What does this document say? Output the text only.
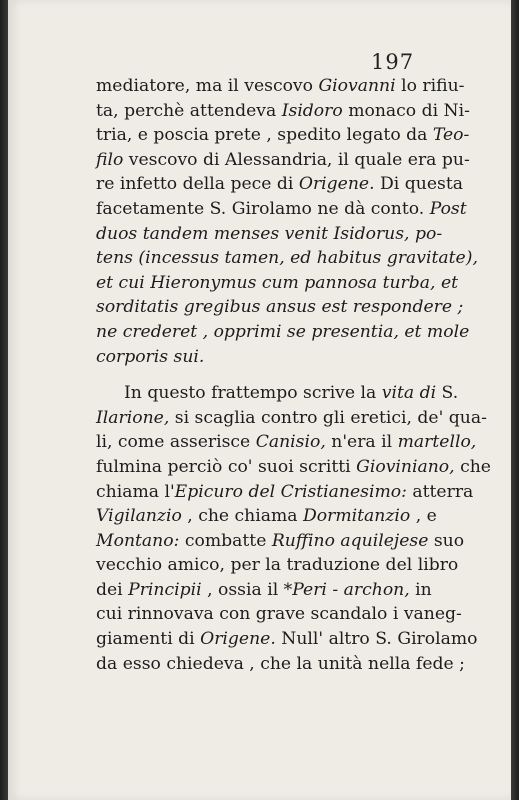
197
mediatore, ma il vescovo Giovanni lo rifiu-
ta, perchè attendeva Isidoro monaco di Ni-
tria, e poscia prete , spedito legato da Teo-
filo vescovo di Alessandria, il quale era pu-
re infetto della pece di Origene. Di questa
facetamente S. Girolamo ne dà conto. Post
duos tandem menses venit Isidorus, po-
tens (incessus tamen, ed habitus gravitate),
et cui Hieronymus cum pannosa turba, et
sorditatis gregibus ansus est respondere ;
ne crederet , opprimi se presentia, et mole
corporis sui.
In questo frattempo scrive la vita di S.
Ilarione, si scaglia contro gli eretici, de' qua-
li, come asserisce Canisio, n'era il martello,
fulmina perciò co' suoi scritti Gioviniano, che
chiama l'Epicuro del Cristianesimo: atterra
Vigilanzio , che chiama Dormitanzio , e
Montano: combatte Ruffino aquilejese suo
vecchio amico, per la traduzione del libro
dei Principii , ossia il *Peri - archon, in
cui rinnovava con grave scandalo i vaneg-
giamenti di Origene. Null' altro S. Girolamo
da esso chiedeva , che la unità nella fede ;
